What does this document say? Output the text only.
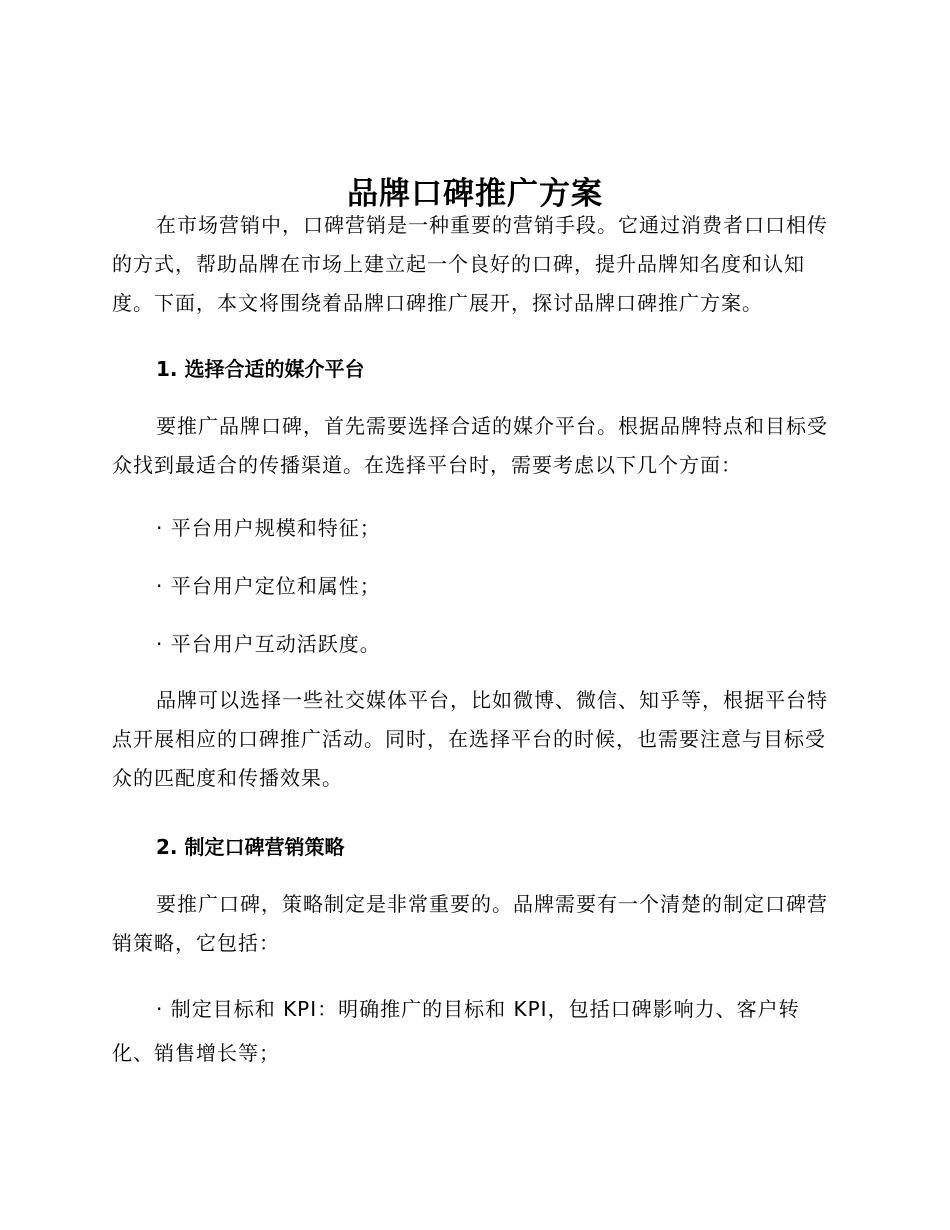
品牌口碑推广方案

在市场营销中，口碑营销是一种重要的营销手段。它通过消费者口口相传的方式，帮助品牌在市场上建立起一个良好的口碑，提升品牌知名度和认知度。下面，本文将围绕着品牌口碑推广展开，探讨品牌口碑推广方案。

1. 选择合适的媒介平台

要推广品牌口碑，首先需要选择合适的媒介平台。根据品牌特点和目标受众找到最适合的传播渠道。在选择平台时，需要考虑以下几个方面：

· 平台用户规模和特征；

· 平台用户定位和属性；

· 平台用户互动活跃度。

品牌可以选择一些社交媒体平台，比如微博、微信、知乎等，根据平台特点开展相应的口碑推广活动。同时，在选择平台的时候，也需要注意与目标受众的匹配度和传播效果。

2. 制定口碑营销策略

要推广口碑，策略制定是非常重要的。品牌需要有一个清楚的制定口碑营销策略，它包括：

· 制定目标和 KPI：明确推广的目标和 KPI，包括口碑影响力、客户转化、销售增长等；
